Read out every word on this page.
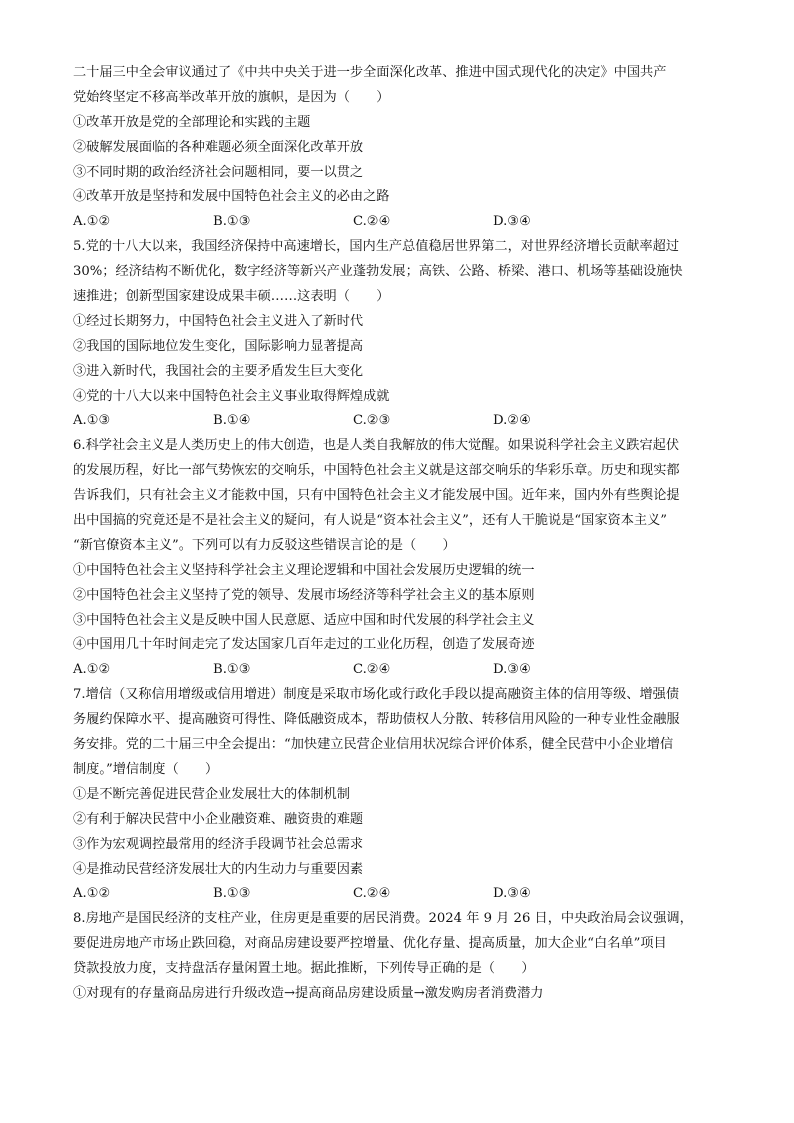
二十届三中全会审议通过了《中共中央关于进一步全面深化改革、推进中国式现代化的决定》中国共产
党始终坚定不移高举改革开放的旗帜，是因为（　　）
①改革开放是党的全部理论和实践的主题
②破解发展面临的各种难题必须全面深化改革开放
③不同时期的政治经济社会问题相同，要一以贯之
④改革开放是坚持和发展中国特色社会主义的必由之路
A.①②	B.①③	C.②④	D.③④
5.党的十八大以来，我国经济保持中高速增长，国内生产总值稳居世界第二，对世界经济增长贡献率超过
30%；经济结构不断优化，数字经济等新兴产业蓬勃发展；高铁、公路、桥梁、港口、机场等基础设施快
速推进；创新型国家建设成果丰硕……这表明（　　）
①经过长期努力，中国特色社会主义进入了新时代
②我国的国际地位发生变化，国际影响力显著提高
③进入新时代，我国社会的主要矛盾发生巨大变化
④党的十八大以来中国特色社会主义事业取得辉煌成就
A.①③	B.①④	C.②③	D.②④
6.科学社会主义是人类历史上的伟大创造，也是人类自我解放的伟大觉醒。如果说科学社会主义跌宕起伏
的发展历程，好比一部气势恢宏的交响乐，中国特色社会主义就是这部交响乐的华彩乐章。历史和现实都
告诉我们，只有社会主义才能救中国，只有中国特色社会主义才能发展中国。近年来，国内外有些舆论提
出中国搞的究竟还是不是社会主义的疑问，有人说是“资本社会主义”，还有人干脆说是“国家资本主义”
“新官僚资本主义”。下列可以有力反驳这些错误言论的是（　　）
①中国特色社会主义坚持科学社会主义理论逻辑和中国社会发展历史逻辑的统一
②中国特色社会主义坚持了党的领导、发展市场经济等科学社会主义的基本原则
③中国特色社会主义是反映中国人民意愿、适应中国和时代发展的科学社会主义
④中国用几十年时间走完了发达国家几百年走过的工业化历程，创造了发展奇迹
A.①②	B.①③	C.②④	D.③④
7.增信（又称信用增级或信用增进）制度是采取市场化或行政化手段以提高融资主体的信用等级、增强债
务履约保障水平、提高融资可得性、降低融资成本，帮助债权人分散、转移信用风险的一种专业性金融服
务安排。党的二十届三中全会提出：“加快建立民营企业信用状况综合评价体系，健全民营中小企业增信
制度。”增信制度（　　）
①是不断完善促进民营企业发展壮大的体制机制
②有利于解决民营中小企业融资难、融资贵的难题
③作为宏观调控最常用的经济手段调节社会总需求
④是推动民营经济发展壮大的内生动力与重要因素
A.①②	B.①③	C.②④	D.③④
8.房地产是国民经济的支柱产业，住房更是重要的居民消费。2024 年 9 月 26 日，中央政治局会议强调，
要促进房地产市场止跌回稳，对商品房建设要严控增量、优化存量、提高质量，加大企业“白名单”项目
贷款投放力度，支持盘活存量闲置土地。据此推断，下列传导正确的是（　　）
①对现有的存量商品房进行升级改造→提高商品房建设质量→激发购房者消费潜力
